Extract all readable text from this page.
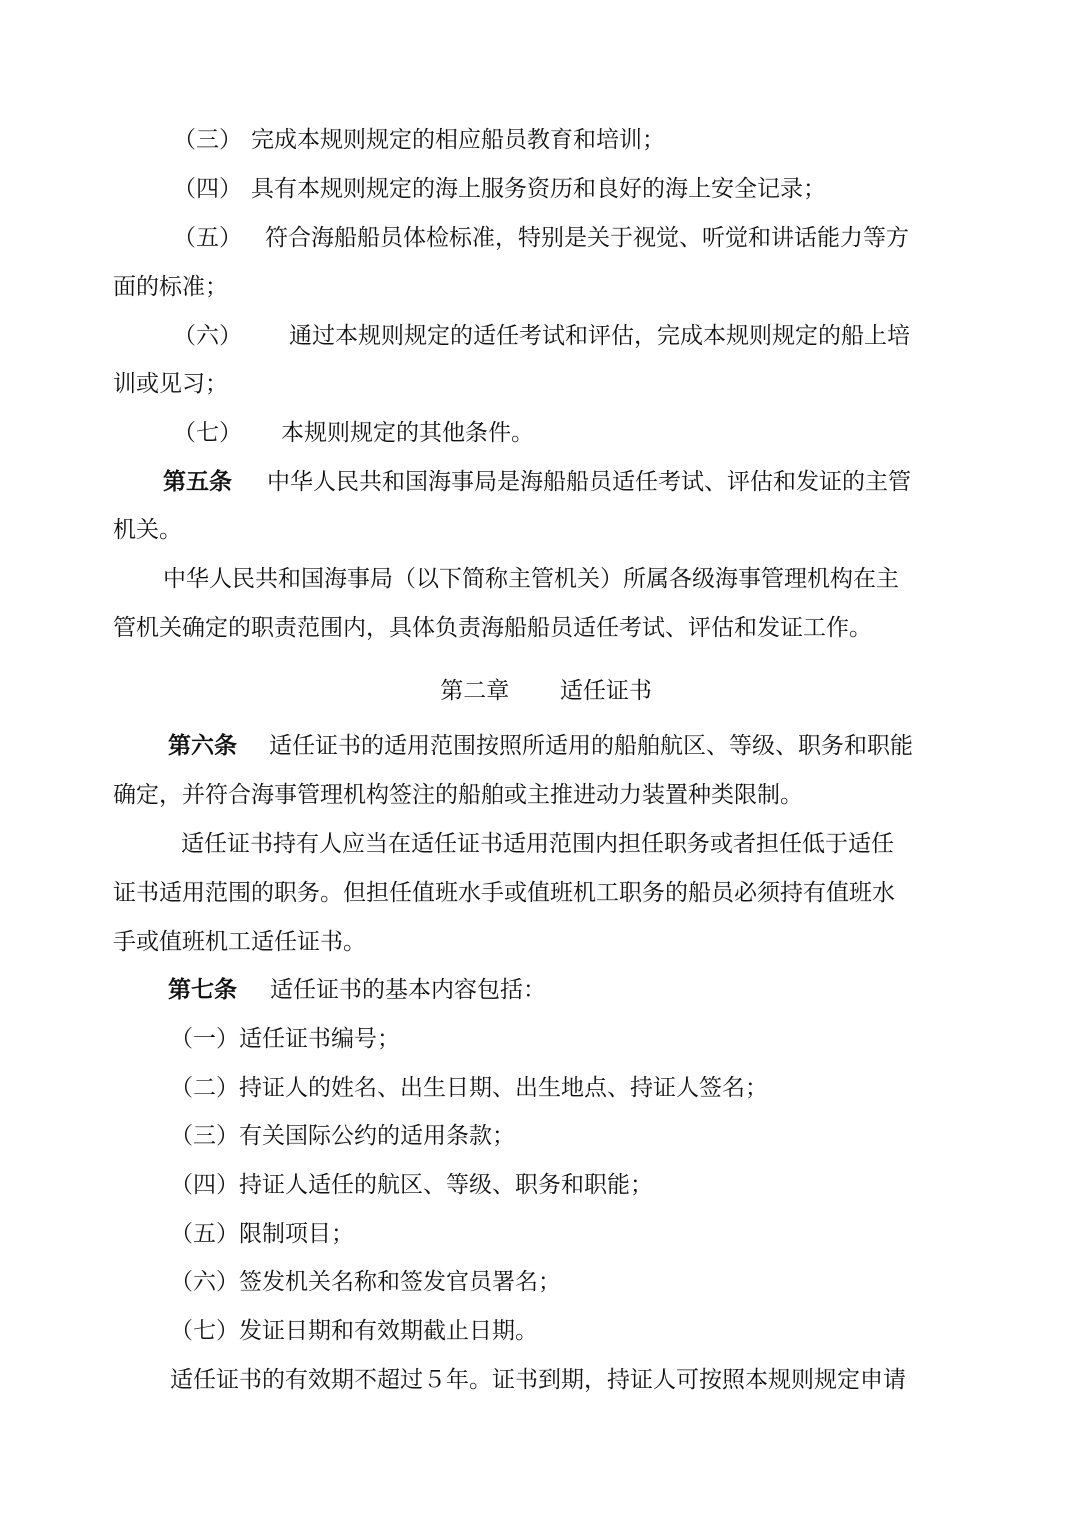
（三） 完成本规则规定的相应船员教育和培训；
（四） 具有本规则规定的海上服务资历和良好的海上安全记录；
（五） 符合海船船员体检标准，特别是关于视觉、听觉和讲话能力等方
面的标准；
（六） 通过本规则规定的适任考试和评估，完成本规则规定的船上培
训或见习；
（七） 本规则规定的其他条件。
第五条 中华人民共和国海事局是海船船员适任考试、评估和发证的主管
机关。
中华人民共和国海事局（以下简称主管机关）所属各级海事管理机构在主
管机关确定的职责范围内，具体负责海船船员适任考试、评估和发证工作。
第二章 适任证书
第六条 适任证书的适用范围按照所适用的船舶航区、等级、职务和职能
确定，并符合海事管理机构签注的船舶或主推进动力装置种类限制。
适任证书持有人应当在适任证书适用范围内担任职务或者担任低于适任
证书适用范围的职务。但担任值班水手或值班机工职务的船员必须持有值班水
手或值班机工适任证书。
第七条 适任证书的基本内容包括：
（一）适任证书编号；
（二）持证人的姓名、出生日期、出生地点、持证人签名；
（三）有关国际公约的适用条款；
（四）持证人适任的航区、等级、职务和职能；
（五）限制项目；
（六）签发机关名称和签发官员署名；
（七）发证日期和有效期截止日期。
适任证书的有效期不超过５年。证书到期，持证人可按照本规则规定申请
